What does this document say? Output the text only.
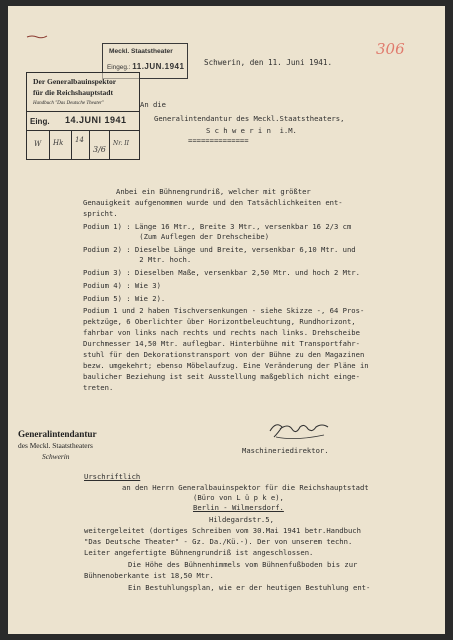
306
Meckl. Staatstheater
Eingeg.: 11.JUN.1941
Der Generalbauinspektor
für die Reichshauptstadt
Handbuch "Das Deutsche Theater"
Eing. 14.JUNI 1941
W Hk 14
3/6
Nr. II
Schwerin, den 11. Juni 1941.
An die
Generalintendantur des Meckl.Staatstheaters,
S c h w e r i n  i.M.
==============
Anbei ein Bühnengrundriß, welcher mit größter
Genauigkeit aufgenommen wurde und den Tatsächlichkeiten ent-
spricht.
Podium 1) : Länge 16 Mtr., Breite 3 Mtr., versenkbar 16 2/3 cm
(Zum Auflegen der Drehscheibe)
Podium 2) : Dieselbe Länge und Breite, versenkbar 6,10 Mtr. und
2 Mtr. hoch.
Podium 3) : Dieselben Maße, versenkbar 2,50 Mtr. und hoch 2 Mtr.
Podium 4) : Wie 3)
Podium 5) : Wie 2).
Podium 1 und 2 haben Tischversenkungen - siehe Skizze -, 64 Pros-
pektzüge, 6 Oberlichter über Horizontbeleuchtung, Rundhorizont,
fahrbar von links nach rechts und rechts nach links. Drehscheibe
Durchmesser 14,50 Mtr. auflegbar. Hinterbühne mit Transportfahr-
stuhl für den Dekorationstransport von der Bühne zu den Magazinen
bezw. umgekehrt; ebenso Möbelaufzug. Eine Veränderung der Pläne in
baulicher Beziehung ist seit Ausstellung maßgeblich nicht einge-
treten.
Generalintendantur
des Meckl. Staatstheaters
Schwerin
Maschineriedirektor.
Urschriftlich
an den Herrn Generalbauinspektor für die Reichshauptstadt
(Büro von L ü p k e),
Berlin - Wilmersdorf.
Hildegardstr.5,
weitergeleitet (dortiges Schreiben vom 30.Mai 1941 betr.Handbuch
"Das Deutsche Theater" - Gz. Da./Kü.-). Der von unserem techn.
Leiter angefertigte Bühnengrundriß ist angeschlossen.
Die Höhe des Bühnenhimmels vom Bühnenfußboden bis zur
Bühnenoberkante ist 18,50 Mtr.
Ein Bestuhlungsplan, wie er der heutigen Bestuhlung ent-
